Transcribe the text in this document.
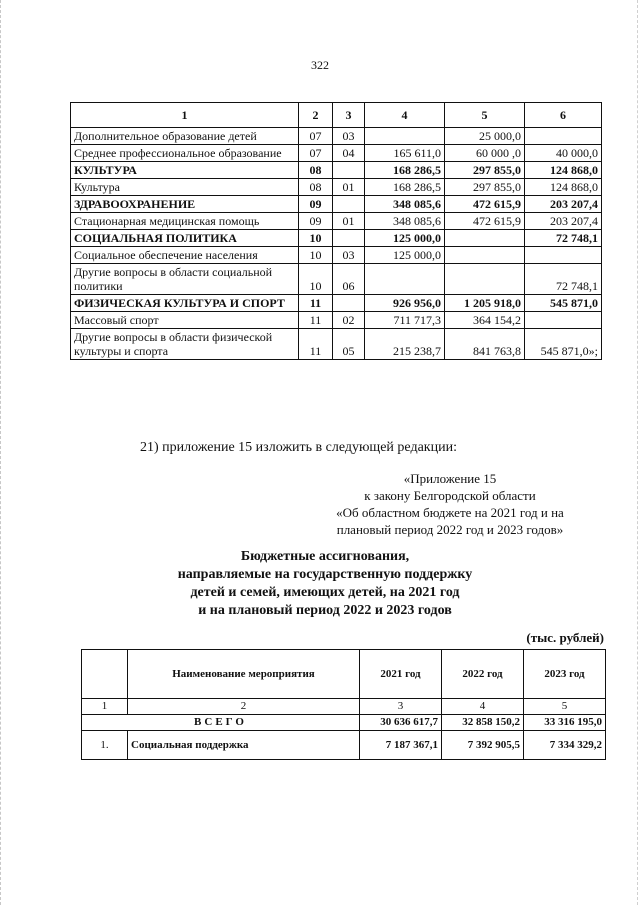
322
1	2	3	4	5	6
Дополнительное образование детей	07	03		25 000,0	
Среднее профессиональное образование	07	04	165 611,0	60 000 ,0	40 000,0
КУЛЬТУРА	08		168 286,5	297 855,0	124 868,0
Культура	08	01	168 286,5	297 855,0	124 868,0
ЗДРАВООХРАНЕНИЕ	09		348 085,6	472 615,9	203 207,4
Стационарная медицинская помощь	09	01	348 085,6	472 615,9	203 207,4
СОЦИАЛЬНАЯ ПОЛИТИКА	10		125 000,0		72 748,1
Социальное обеспечение населения	10	03	125 000,0		
Другие вопросы в области социальной политики	10	06			72 748,1
ФИЗИЧЕСКАЯ КУЛЬТУРА И СПОРТ	11		926 956,0	1 205 918,0	545 871,0
Массовый спорт	11	02	711 717,3	364 154,2	
Другие вопросы в области физической культуры и спорта	11	05	215 238,7	841 763,8	545 871,0»;
21) приложение 15 изложить в следующей редакции:
«Приложение 15
к закону Белгородской области
«Об областном бюджете на 2021 год и на
плановый период 2022 год и 2023 годов»
Бюджетные ассигнования,
направляемые на государственную поддержку
детей и семей, имеющих детей, на 2021 год
и на плановый период 2022 и 2023 годов
(тыс. рублей)
	Наименование мероприятия	2021 год	2022 год	2023 год
1	2	3	4	5
ВСЕГО		30 636 617,7	32 858 150,2	33 316 195,0
1.	Социальная поддержка	7 187 367,1	7 392 905,5	7 334 329,2
